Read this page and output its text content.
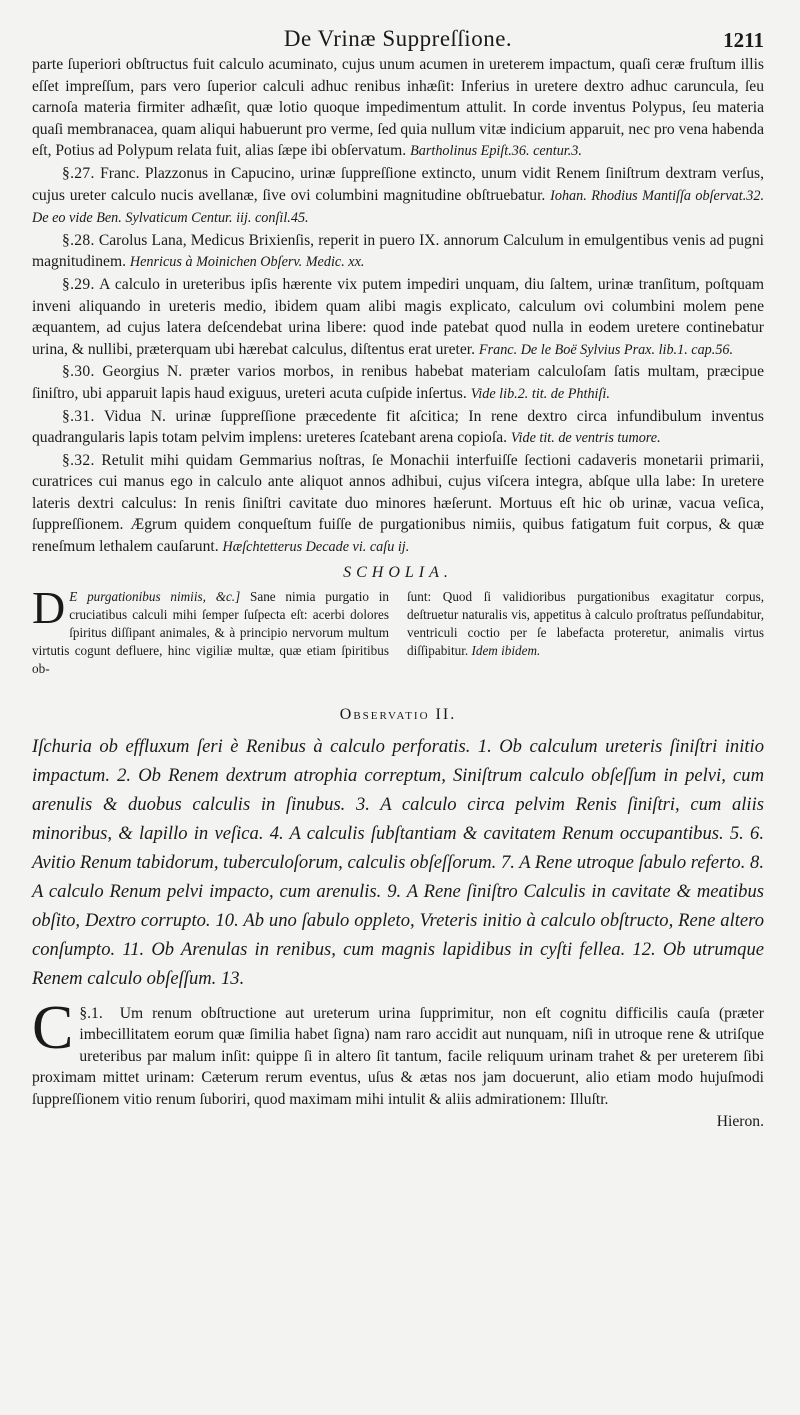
De Vrinæ Suppreſſione.	1211

parte ſuperiori obſtructus fuit calculo acuminato, cujus unum acumen in ureterem impactum, quaſi ceræ fruſtum illis eſſet impreſſum, pars vero ſuperior calculi adhuc renibus inhæſit: Inferius in uretere dextro adhuc caruncula, ſeu carnoſa materia firmiter adhæſit, quæ lotio quoque impedimentum attulit. In corde inventus Polypus, ſeu materia quaſi membranacea, quam aliqui habuerunt pro verme, ſed quia nullum vitæ indicium apparuit, nec pro vena habenda eſt, Potius ad Polypum relata fuit, alias ſæpe ibi obſervatum. Bartholinus Epiſt.36. centur.3.

§.27. Franc. Plazzonus in Capucino, urinæ ſuppreſſione extincto, unum vidit Renem ſiniſtrum dextram verſus, cujus ureter calculo nucis avellanæ, ſive ovi columbini magnitudine obſtruebatur. Iohan. Rhodius Mantiſſa obſervat.32. De eo vide Ben. Sylvaticum Centur. iij. conſil.45.

§.28. Carolus Lana, Medicus Brixienſis, reperit in puero IX. annorum Calculum in emulgentibus venis ad pugni magnitudinem. Henricus à Moinichen Obſerv. Medic. xx.

§.29. A calculo in ureteribus ipſis hærente vix putem impediri unquam, diu ſaltem, urinæ tranſitum, poſtquam inveni aliquando in ureteris medio, ibidem quam alibi magis explicato, calculum ovi columbini molem pene æquantem, ad cujus latera deſcendebat urina libere: quod inde patebat quod nulla in eodem uretere continebatur urina, & nullibi, præterquam ubi hærebat calculus, diſtentus erat ureter. Franc. De le Boë Sylvius Prax. lib.1. cap.56.

§.30. Georgius N. præter varios morbos, in renibus habebat materiam calculoſam ſatis multam, præcipue ſiniſtro, ubi apparuit lapis haud exiguus, ureteri acuta cuſpide inſertus. Vide lib.2. tit. de Phthiſi.

§.31. Vidua N. urinæ ſuppreſſione præcedente fit aſcitica; In rene dextro circa infundibulum inventus quadrangularis lapis totam pelvim implens: ureteres ſcatebant arena copioſa. Vide tit. de ventris tumore.

§.32. Retulit mihi quidam Gemmarius noſtras, ſe Monachii interfuiſſe ſectioni cadaveris monetarii primarii, curatrices cui manus ego in calculo ante aliquot annos adhibui, cujus viſcera integra, abſque ulla labe: In uretere lateris dextri calculus: In renis ſiniſtri cavitate duo minores hæſerunt. Mortuus eſt hic ob urinæ, vacua veſica, ſuppreſſionem. Ægrum quidem conqueſtum fuiſſe de purgationibus nimiis, quibus fatigatum fuit corpus, & quæ reneſmum lethalem cauſarunt. Hæſchtetterus Decade vi. caſu ij.

SCHOLIA.
D E purgationibus nimiis, &c.] Sane nimia purgatio in cruciatibus calculi mihi ſemper ſuſpecta eſt: acerbi dolores ſpiritus diſſipant animales, & à principio nervorum multum virtutis cogunt defluere, hinc vigiliæ multæ, quæ etiam ſpiritibus ob-
ſunt: Quod ſi validioribus purgationibus exagitatur corpus, deſtruetur naturalis vis, appetitus à calculo proſtratus peſſundabitur, ventriculi coctio per ſe labefacta proteretur, animalis virtus diſſipabitur. Idem ibidem.
Observatio II.

Iſchuria ob effluxum ſeri è Renibus à calculo perforatis. 1. Ob calculum ureteris ſiniſtri initio impactum. 2. Ob Renem dextrum atrophia correptum, Siniſtrum calculo obſeſſum in pelvi, cum arenulis & duobus calculis in ſinubus. 3. A calculo circa pelvim Renis ſiniſtri, cum aliis minoribus, & lapillo in veſica. 4. A calculis ſubſtantiam & cavitatem Renum occupantibus. 5. 6. Avitio Renum tabidorum, tuberculoſorum, calculis obſeſſorum. 7. A Rene utroque ſabulo referto. 8. A calculo Renum pelvi impacto, cum arenulis. 9. A Rene ſiniſtro Calculis in cavitate & meatibus obſito, Dextro corrupto. 10. Ab uno ſabulo oppleto, Vreteris initio à calculo obſtructo, Rene altero conſumpto. 11. Ob Arenulas in renibus, cum magnis lapidibus in cyſti fellea. 12. Ob utrumque Renem calculo obſeſſum. 13.

§.1.
C	Um renum obſtructione aut ureterum urina ſupprimitur, non eſt cognitu difficilis cauſa (præter imbecillitatem eorum quæ ſimilia habet ſigna) nam raro accidit aut nunquam, niſi in utroque rene & utriſque ureteribus par malum inſit: quippe ſi in altero ſit tantum, facile reliquum urinam trahet & per ureterem ſibi proximam mittet urinam: Cæterum rerum eventus, uſus & ætas nos jam docuerunt, alio etiam modo hujuſmodi ſuppreſſionem vitio renum ſuboriri, quod maximam mihi intulit & aliis admirationem: Illuſtr.
Hieron.
